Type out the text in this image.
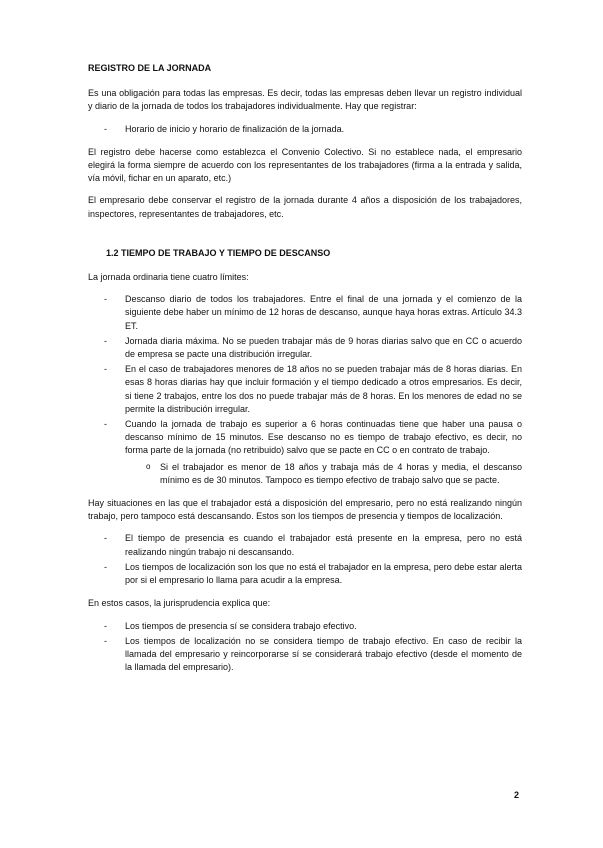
REGISTRO DE LA JORNADA

Es una obligación para todas las empresas. Es decir, todas las empresas deben llevar un registro individual y diario de la jornada de todos los trabajadores individualmente. Hay que registrar:

- Horario de inicio y horario de finalización de la jornada.

El registro debe hacerse como establezca el Convenio Colectivo. Si no establece nada, el empresario elegirá la forma siempre de acuerdo con los representantes de los trabajadores (firma a la entrada y salida, vía móvil, fichar en un aparato, etc.)

El empresario debe conservar el registro de la jornada durante 4 años a disposición de los trabajadores, inspectores, representantes de trabajadores, etc.

1.2 TIEMPO DE TRABAJO Y TIEMPO DE DESCANSO

La jornada ordinaria tiene cuatro límites:

- Descanso diario de todos los trabajadores. Entre el final de una jornada y el comienzo de la siguiente debe haber un mínimo de 12 horas de descanso, aunque haya horas extras. Artículo 34.3 ET.
- Jornada diaria máxima. No se pueden trabajar más de 9 horas diarias salvo que en CC o acuerdo de empresa se pacte una distribución irregular.
- En el caso de trabajadores menores de 18 años no se pueden trabajar más de 8 horas diarias. En esas 8 horas diarias hay que incluir formación y el tiempo dedicado a otros empresarios. Es decir, si tiene 2 trabajos, entre los dos no puede trabajar más de 8 horas. En los menores de edad no se permite la distribución irregular.
- Cuando la jornada de trabajo es superior a 6 horas continuadas tiene que haber una pausa o descanso mínimo de 15 minutos. Ese descanso no es tiempo de trabajo efectivo, es decir, no forma parte de la jornada (no retribuido) salvo que se pacte en CC o en contrato de trabajo.
o Si el trabajador es menor de 18 años y trabaja más de 4 horas y media, el descanso mínimo es de 30 minutos. Tampoco es tiempo efectivo de trabajo salvo que se pacte.

Hay situaciones en las que el trabajador está a disposición del empresario, pero no está realizando ningún trabajo, pero tampoco está descansando. Estos son los tiempos de presencia y tiempos de localización.

- El tiempo de presencia es cuando el trabajador está presente en la empresa, pero no está realizando ningún trabajo ni descansando.
- Los tiempos de localización son los que no está el trabajador en la empresa, pero debe estar alerta por si el empresario lo llama para acudir a la empresa.

En estos casos, la jurisprudencia explica que:

- Los tiempos de presencia sí se considera trabajo efectivo.
- Los tiempos de localización no se considera tiempo de trabajo efectivo. En caso de recibir la llamada del empresario y reincorporarse sí se considerará trabajo efectivo (desde el momento de la llamada del empresario).
2
